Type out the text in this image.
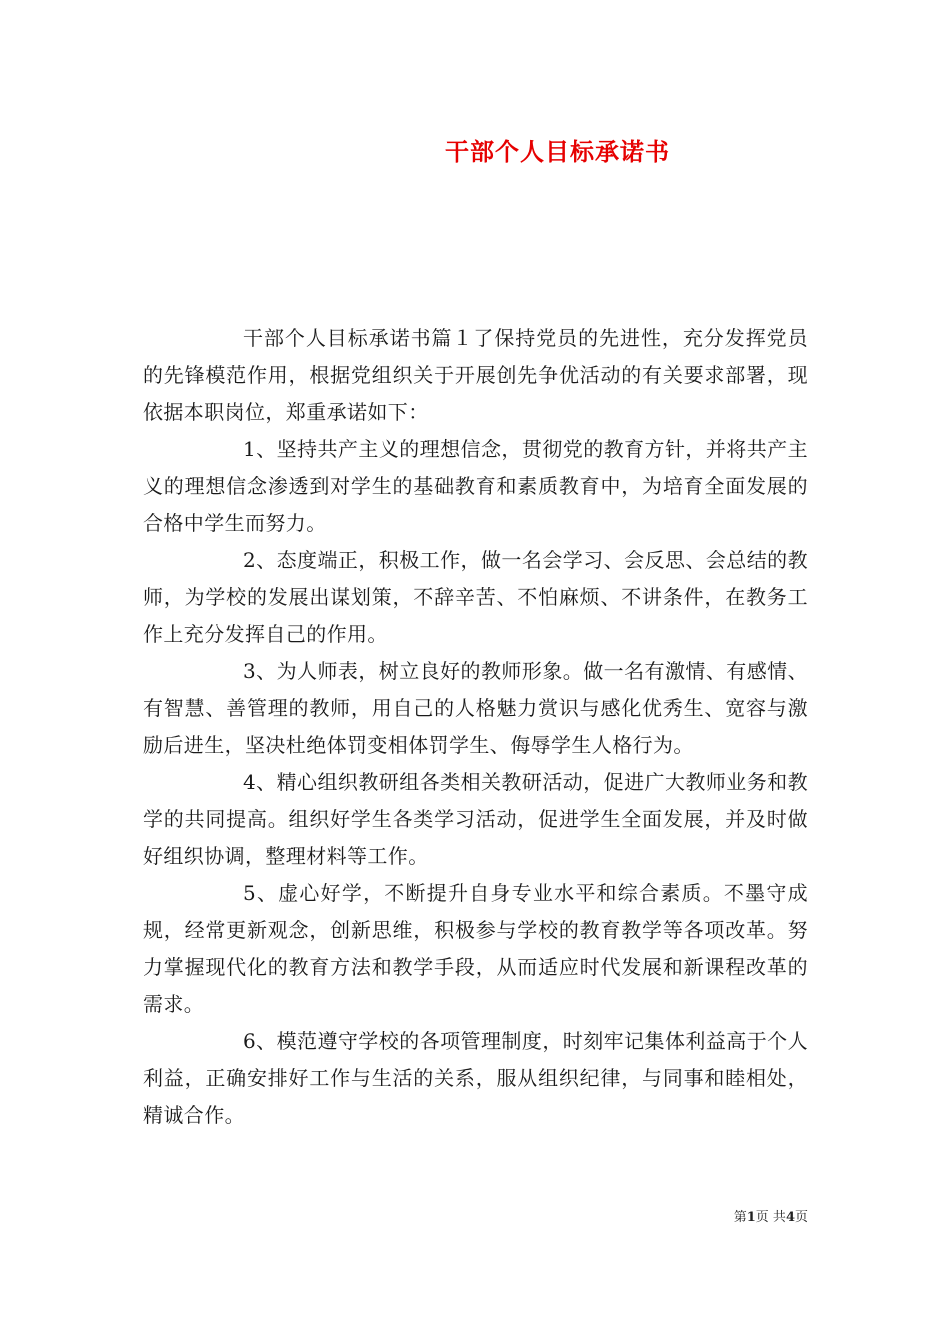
干部个人目标承诺书

干部个人目标承诺书篇１了保持党员的先进性，充分发挥党员的先锋模范作用，根据党组织关于开展创先争优活动的有关要求部署，现依据本职岗位，郑重承诺如下：

1、坚持共产主义的理想信念，贯彻党的教育方针，并将共产主义的理想信念渗透到对学生的基础教育和素质教育中，为培育全面发展的合格中学生而努力。

2、态度端正，积极工作，做一名会学习、会反思、会总结的教师，为学校的发展出谋划策，不辞辛苦、不怕麻烦、不讲条件，在教务工作上充分发挥自己的作用。

3、为人师表，树立良好的教师形象。做一名有激情、有感情、有智慧、善管理的教师，用自己的人格魅力赏识与感化优秀生、宽容与激励后进生，坚决杜绝体罚变相体罚学生、侮辱学生人格行为。

4、精心组织教研组各类相关教研活动，促进广大教师业务和教学的共同提高。组织好学生各类学习活动，促进学生全面发展，并及时做好组织协调，整理材料等工作。

5、虚心好学，不断提升自身专业水平和综合素质。不墨守成规，经常更新观念，创新思维，积极参与学校的教育教学等各项改革。努力掌握现代化的教育方法和教学手段，从而适应时代发展和新课程改革的需求。

6、模范遵守学校的各项管理制度，时刻牢记集体利益高于个人利益，正确安排好工作与生活的关系，服从组织纪律，与同事和睦相处，精诚合作。

第1页 共4页
